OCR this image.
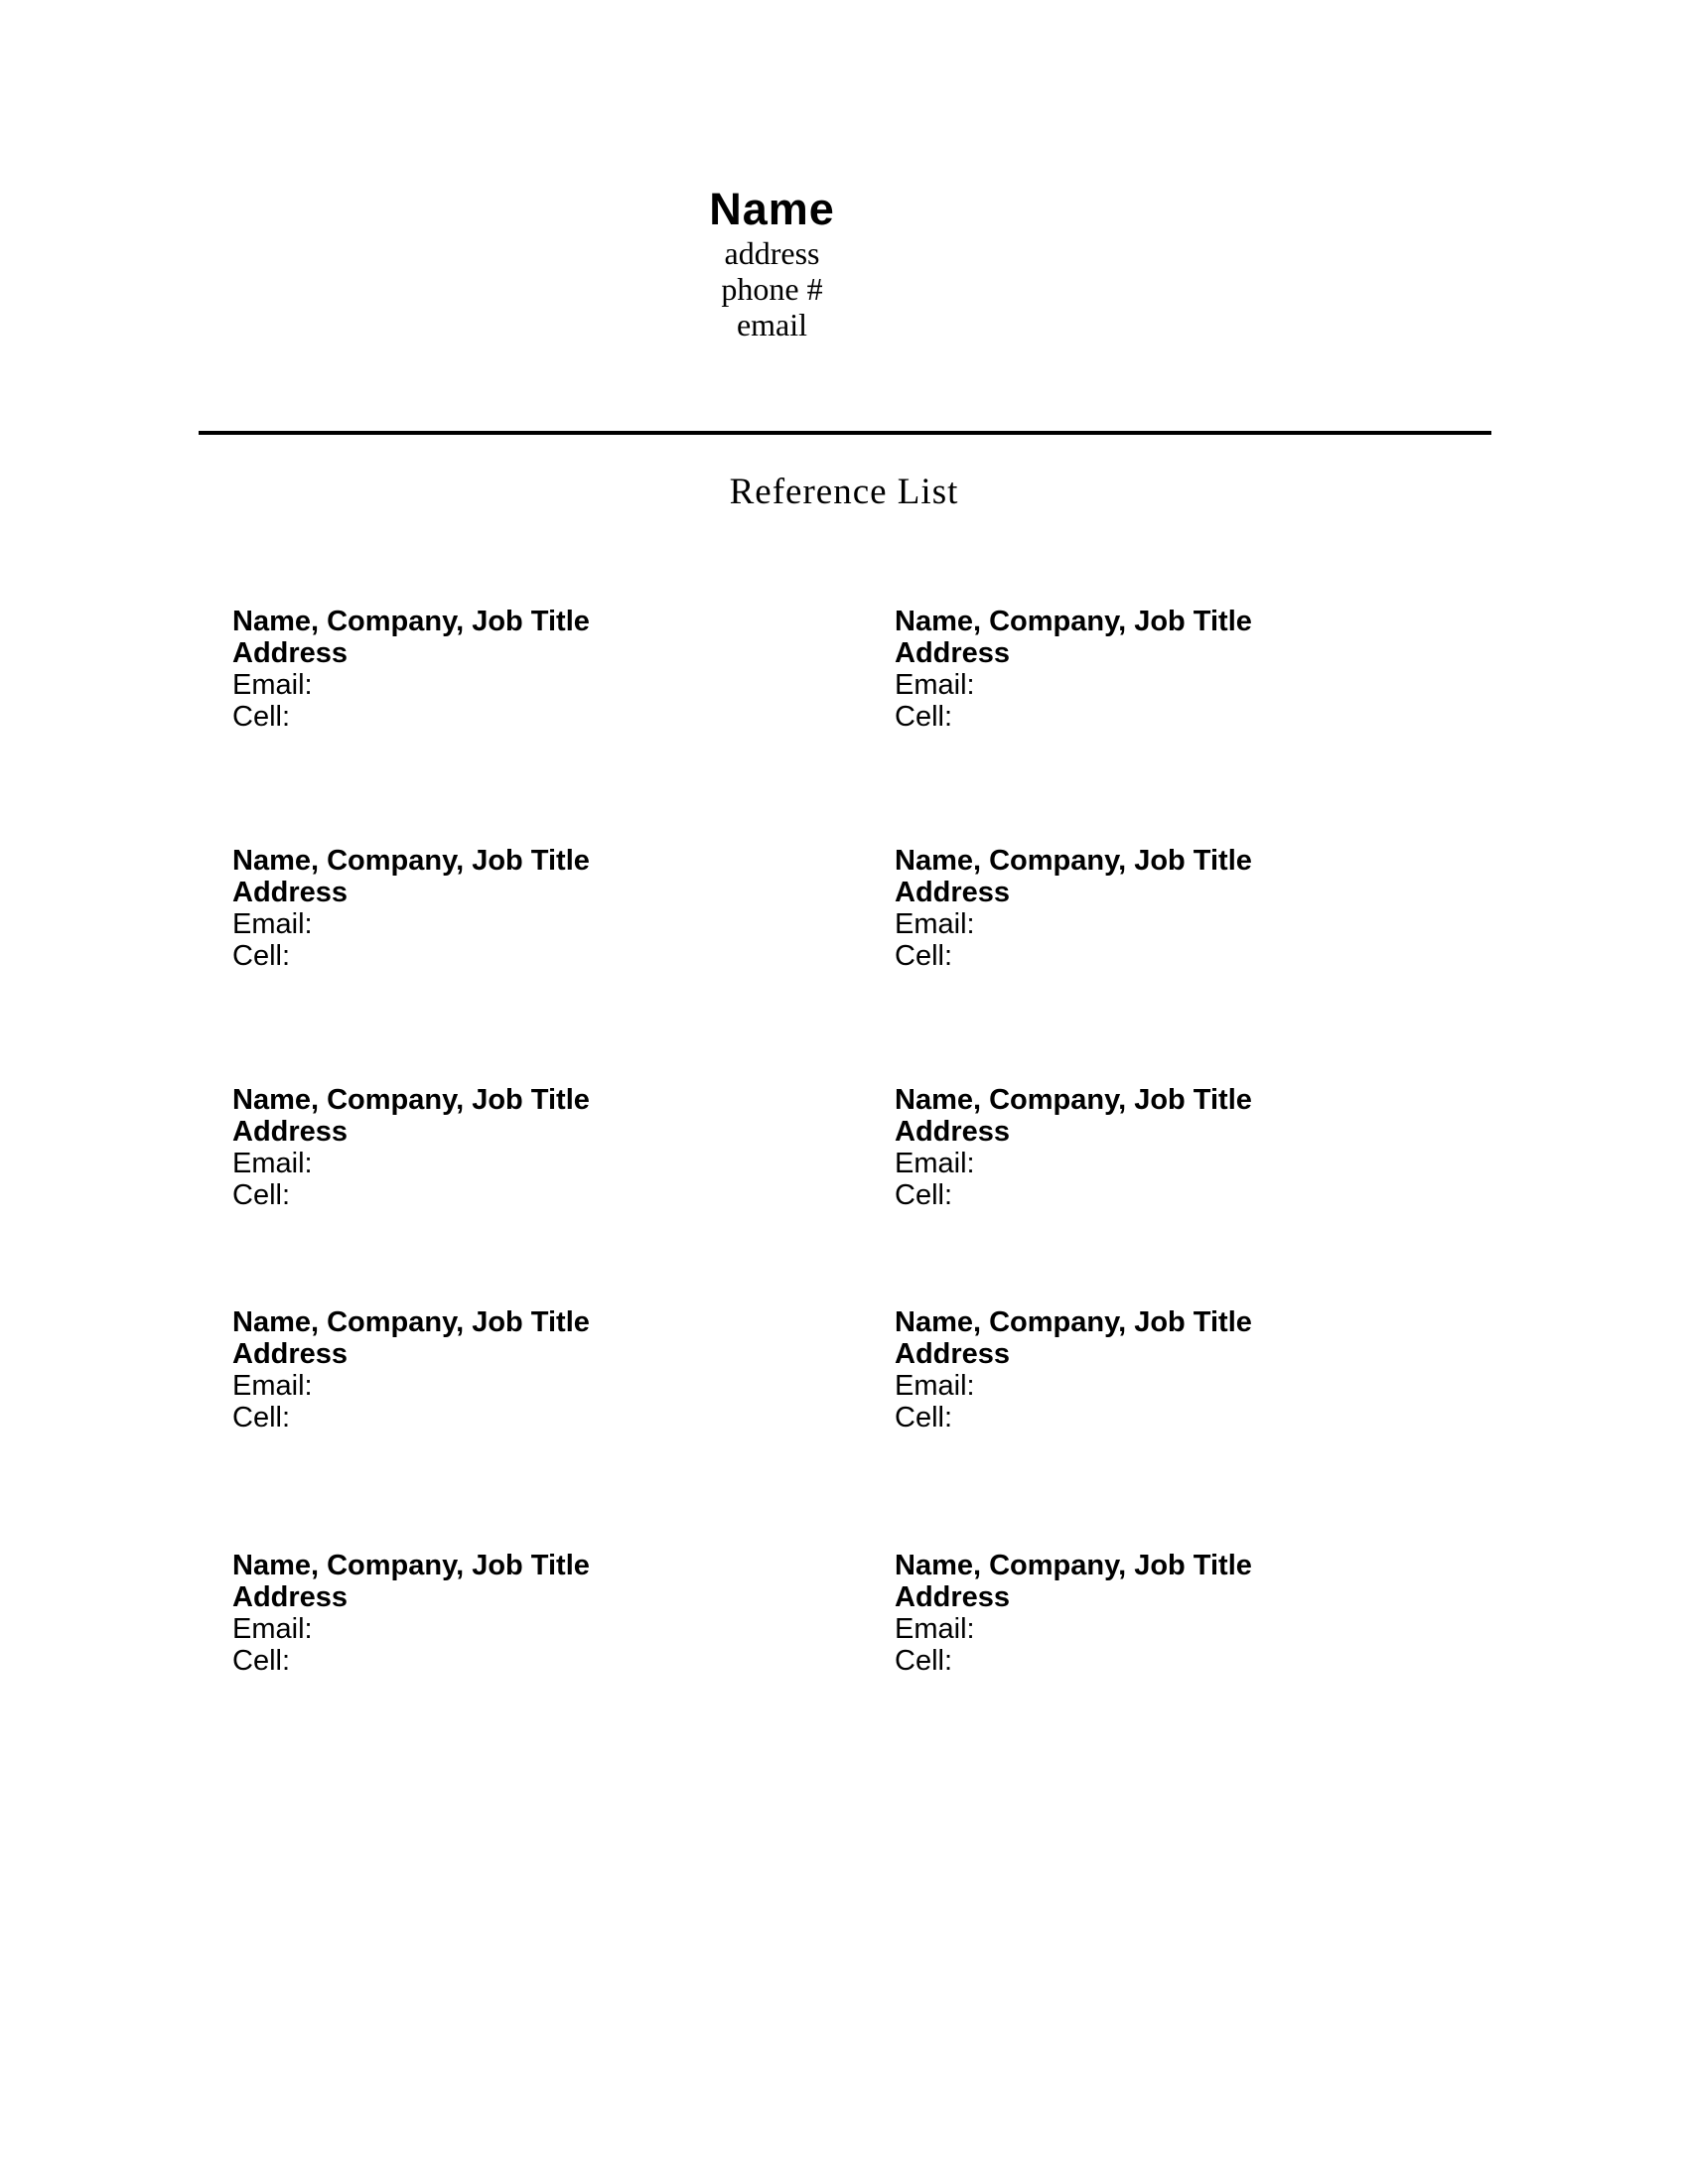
Name
address
phone #
email
Reference List
Name, Company, Job Title
Address
Email:
Cell:
Name, Company, Job Title
Address
Email:
Cell:
Name, Company, Job Title
Address
Email:
Cell:
Name, Company, Job Title
Address
Email:
Cell:
Name, Company, Job Title
Address
Email:
Cell:
Name, Company, Job Title
Address
Email:
Cell:
Name, Company, Job Title
Address
Email:
Cell:
Name, Company, Job Title
Address
Email:
Cell:
Name, Company, Job Title
Address
Email:
Cell:
Name, Company, Job Title
Address
Email:
Cell:
